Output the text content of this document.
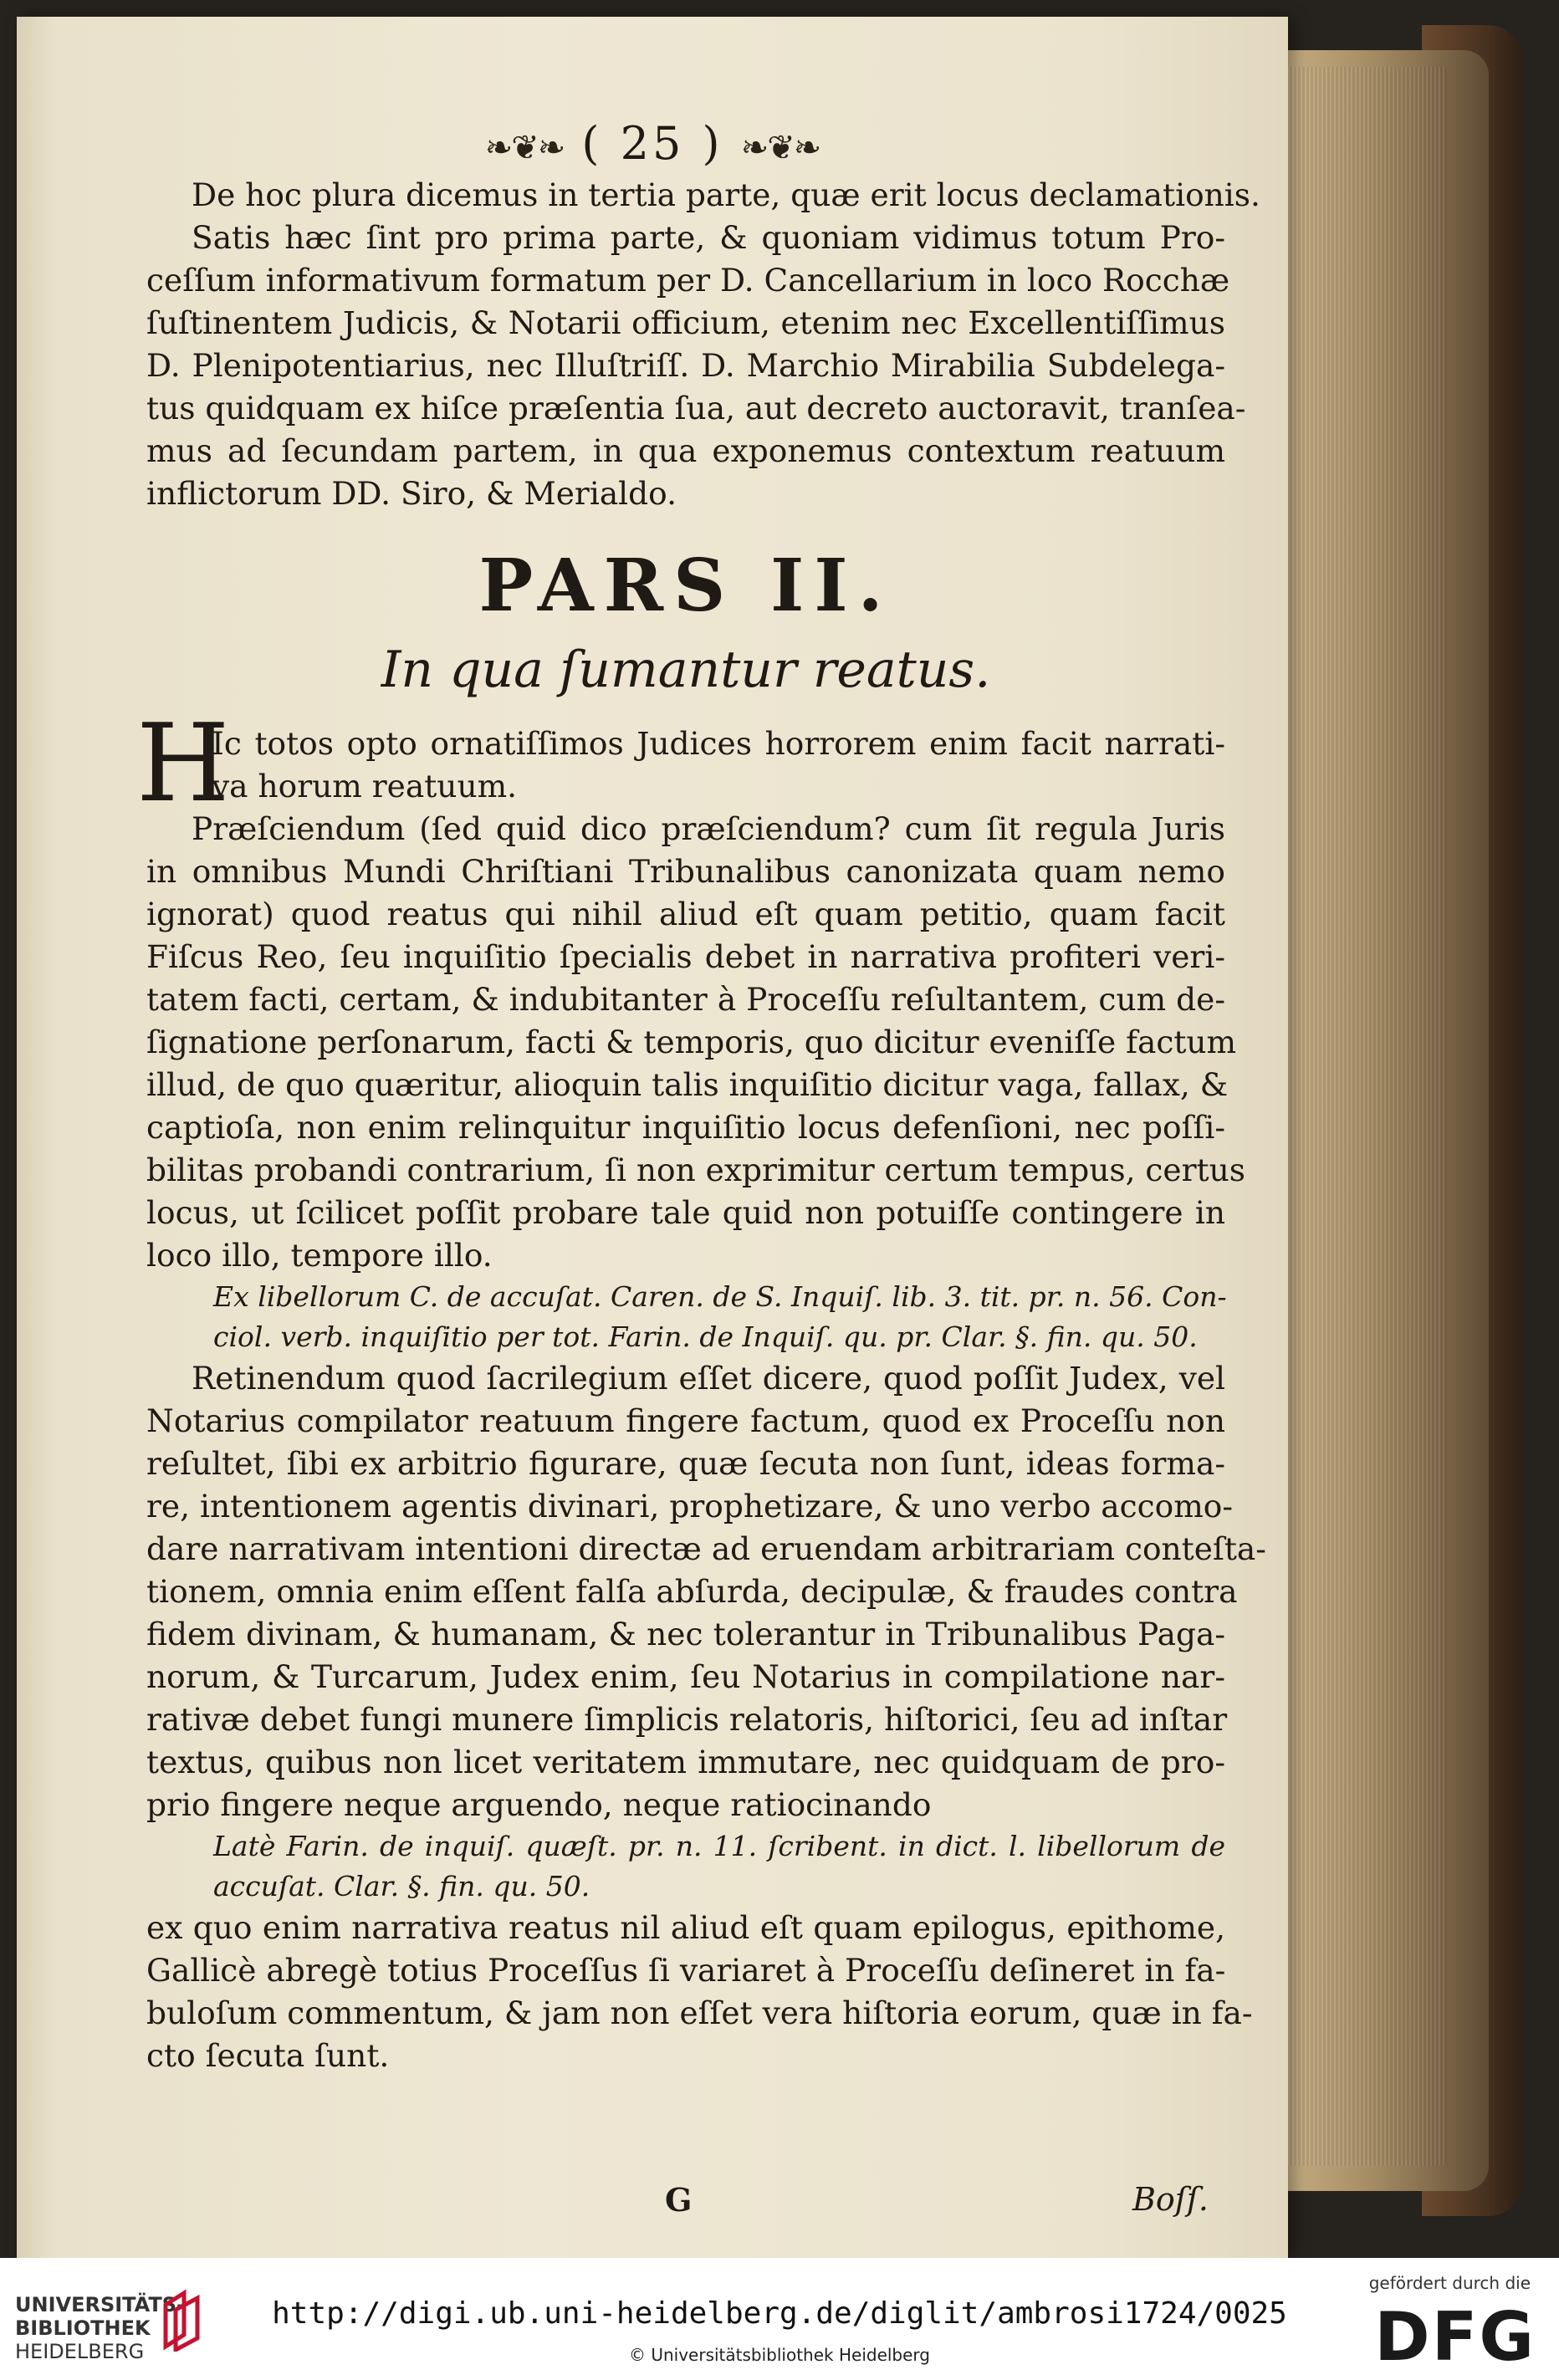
❧❦❧ ( 25 ) ❧❦❧
De hoc plura dicemus in tertia parte, quæ erit locus declamationis.
Satis hæc ſint pro prima parte, & quoniam vidimus totum Pro-
ceſſum informativum formatum per D. Cancellarium in loco Rocchæ
ſuſtinentem Judicis, & Notarii officium, etenim nec Excellentiſſimus
D. Plenipotentiarius, nec Illuſtriſſ. D. Marchio Mirabilia Subdelega-
tus quidquam ex hiſce præſentia ſua, aut decreto auctoravit, tranſea-
mus ad ſecundam partem, in qua exponemus contextum reatuum
inflictorum DD. Siro, & Merialdo.
PARS II.
In qua ſumantur reatus.
H
Ic totos opto ornatiſſimos Judices horrorem enim facit narrati-
va horum reatuum.
Præſciendum (ſed quid dico præſciendum? cum ſit regula Juris
in omnibus Mundi Chriſtiani Tribunalibus canonizata quam nemo
ignorat) quod reatus qui nihil aliud eſt quam petitio, quam facit
Fiſcus Reo, ſeu inquiſitio ſpecialis debet in narrativa profiteri veri-
tatem facti, certam, & indubitanter à Proceſſu reſultantem, cum de-
ſignatione perſonarum, facti & temporis, quo dicitur eveniſſe factum
illud, de quo quæritur, alioquin talis inquiſitio dicitur vaga, fallax, &
captioſa, non enim relinquitur inquiſitio locus defenſioni, nec poſſi-
bilitas probandi contrarium, ſi non exprimitur certum tempus, certus
locus, ut ſcilicet poſſit probare tale quid non potuiſſe contingere in
loco illo, tempore illo.
Ex libellorum C. de accuſat. Caren. de S. Inquiſ. lib. 3. tit. pr. n. 56. Con-
ciol. verb. inquiſitio per tot. Farin. de Inquiſ. qu. pr. Clar. §. fin. qu. 50.
Retinendum quod ſacrilegium eſſet dicere, quod poſſit Judex, vel
Notarius compilator reatuum fingere factum, quod ex Proceſſu non
reſultet, ſibi ex arbitrio figurare, quæ ſecuta non ſunt, ideas forma-
re, intentionem agentis divinari, prophetizare, & uno verbo accomo-
dare narrativam intentioni directæ ad eruendam arbitrariam conteſta-
tionem, omnia enim eſſent falſa abſurda, decipulæ, & fraudes contra
fidem divinam, & humanam, & nec tolerantur in Tribunalibus Paga-
norum, & Turcarum, Judex enim, ſeu Notarius in compilatione nar-
rativæ debet fungi munere ſimplicis relatoris, hiſtorici, ſeu ad inſtar
textus, quibus non licet veritatem immutare, nec quidquam de pro-
prio fingere neque arguendo, neque ratiocinando
Latè Farin. de inquiſ. quæſt. pr. n. 11. ſcribent. in dict. l. libellorum de
accuſat. Clar. §. fin. qu. 50.
ex quo enim narrativa reatus nil aliud eſt quam epilogus, epithome,
Gallicè abregè totius Proceſſus ſi variaret à Proceſſu deſineret in fa-
buloſum commentum, & jam non eſſet vera hiſtoria eorum, quæ in fa-
cto ſecuta ſunt.
G	Boſſ.
UNIVERSITÄTS-
BIBLIOTHEK
HEIDELBERG
http://digi.ub.uni-heidelberg.de/diglit/ambrosi1724/0025
© Universitätsbibliothek Heidelberg
gefördert durch die
DFG
